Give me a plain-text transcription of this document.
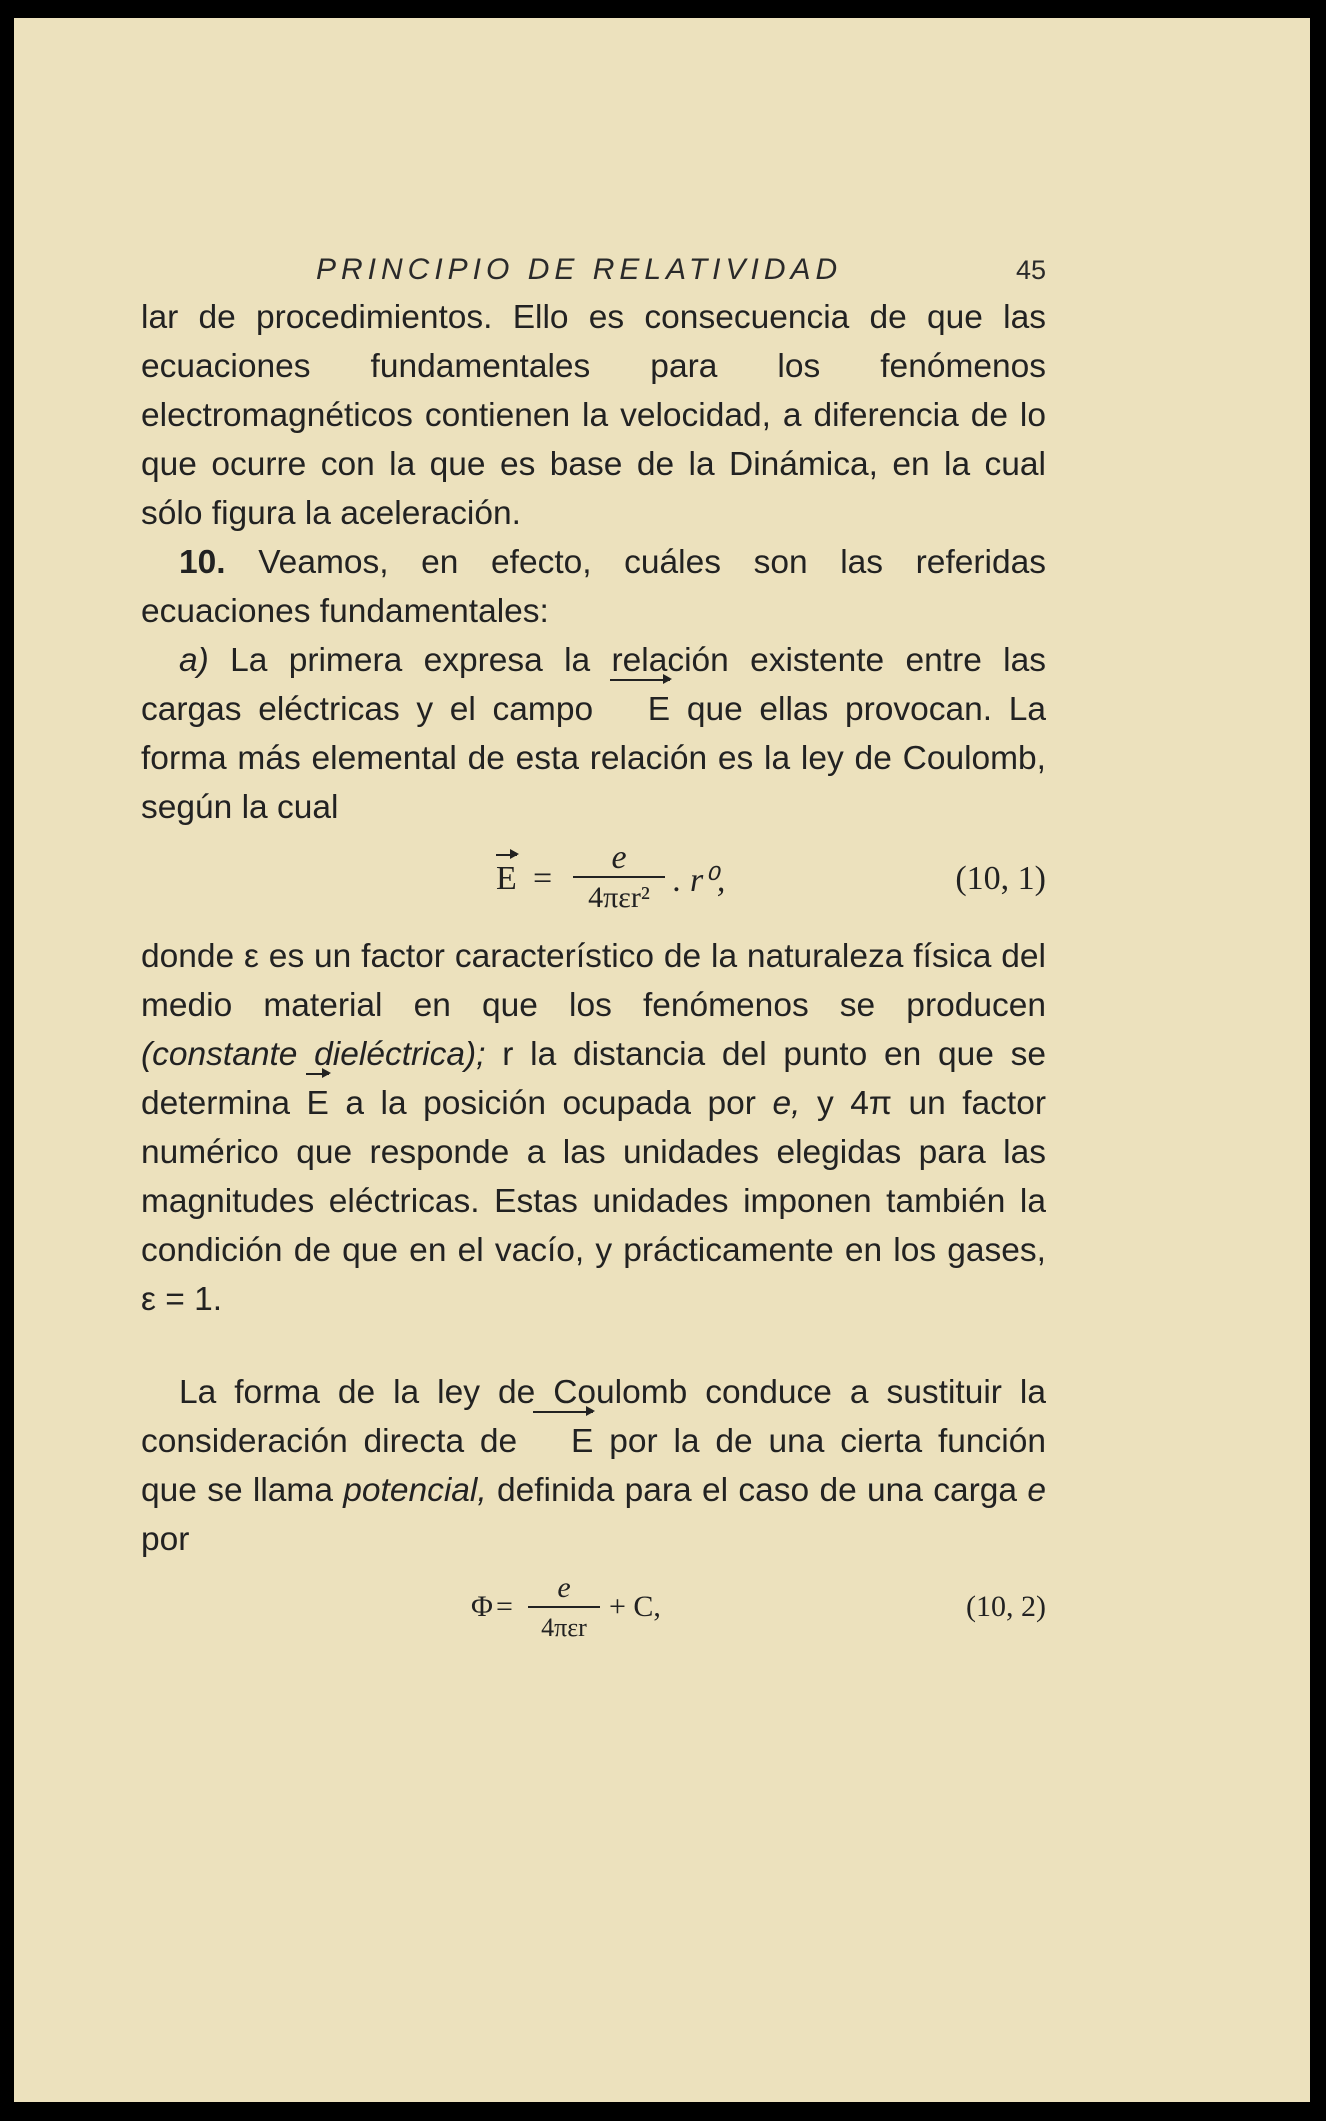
PRINCIPIO DE RELATIVIDAD	45

lar de procedimientos. Ello es consecuencia de que las ecuaciones fundamentales para los fenómenos electromagnéticos contienen la velocidad, a diferencia de lo que ocurre con la que es base de la Dinámica, en la cual sólo figura la aceleración.

10. Veamos, en efecto, cuáles son las referidas ecuaciones fundamentales:

a) La primera expresa la relación existente entre las cargas eléctricas y el campo E que ellas provocan. La forma más elemental de esta relación es la ley de Coulomb, según la cual

E =
e
4πεr² . r⁰,	(10, 1)

donde ε es un factor característico de la naturaleza física del medio material en que los fenómenos se producen (constante dieléctrica); r la distancia del punto en que se determina E a la posición ocupada por e, y 4π un factor numérico que responde a las unidades elegidas para las magnitudes eléctricas. Estas unidades imponen también la condición de que en el vacío, y prácticamente en los gases, ε = 1.

La forma de la ley de Coulomb conduce a sustituir la consideración directa de E por la de una cierta función que se llama potencial, definida para el caso de una carga e por

Φ =
e
4πεr
+ C,	(10, 2)
